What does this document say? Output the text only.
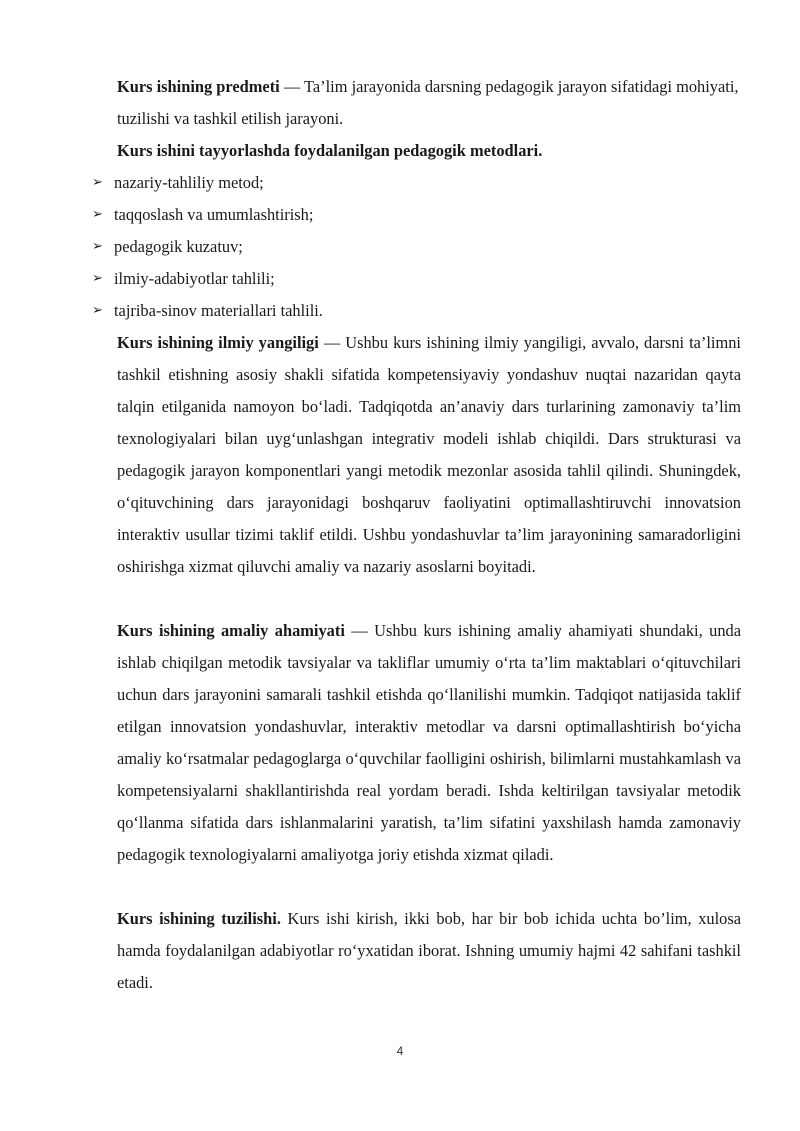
Kurs ishining predmeti — Ta’lim jarayonida darsning pedagogik jarayon sifatidagi mohiyati, tuzilishi va tashkil etilish jarayoni.
Kurs ishini tayyorlashda foydalanilgan pedagogik metodlari.
➢ nazariy-tahliliy metod;
➢ taqqoslash va umumlashtirish;
➢ pedagogik kuzatuv;
➢ ilmiy-adabiyotlar tahlili;
➢ tajriba-sinov materiallari tahlili.
Kurs ishining ilmiy yangiligi — Ushbu kurs ishining ilmiy yangiligi, avvalo, darsni ta’limni tashkil etishning asosiy shakli sifatida kompetensiyaviy yondashuv nuqtai nazaridan qayta talqin etilganida namoyon bo‘ladi. Tadqiqotda an’anaviy dars turlarining zamonaviy ta’lim texnologiyalari bilan uyg‘unlashgan integrativ modeli ishlab chiqildi. Dars strukturasi va pedagogik jarayon komponentlari yangi metodik mezonlar asosida tahlil qilindi. Shuningdek, o‘qituvchining dars jarayonidagi boshqaruv faoliyatini optimallashtiruvchi innovatsion interaktiv usullar tizimi taklif etildi. Ushbu yondashuvlar ta’lim jarayonining samaradorligini oshirishga xizmat qiluvchi amaliy va nazariy asoslarni boyitadi.
Kurs ishining amaliy ahamiyati — Ushbu kurs ishining amaliy ahamiyati shundaki, unda ishlab chiqilgan metodik tavsiyalar va takliflar umumiy o‘rta ta’lim maktablari o‘qituvchilari uchun dars jarayonini samarali tashkil etishda qo‘llanilishi mumkin. Tadqiqot natijasida taklif etilgan innovatsion yondashuvlar, interaktiv metodlar va darsni optimallashtirish bo‘yicha amaliy ko‘rsatmalar pedagoglarga o‘quvchilar faolligini oshirish, bilimlarni mustahkamlash va kompetensiyalarni shakllantirishda real yordam beradi. Ishda keltirilgan tavsiyalar metodik qo‘llanma sifatida dars ishlanmalarini yaratish, ta’lim sifatini yaxshilash hamda zamonaviy pedagogik texnologiyalarni amaliyotga joriy etishda xizmat qiladi.
Kurs ishining tuzilishi. Kurs ishi kirish, ikki bob, har bir bob ichida uchta bo’lim, xulosa hamda foydalanilgan adabiyotlar ro‘yxatidan iborat. Ishning umumiy hajmi 42 sahifani tashkil etadi.
4
